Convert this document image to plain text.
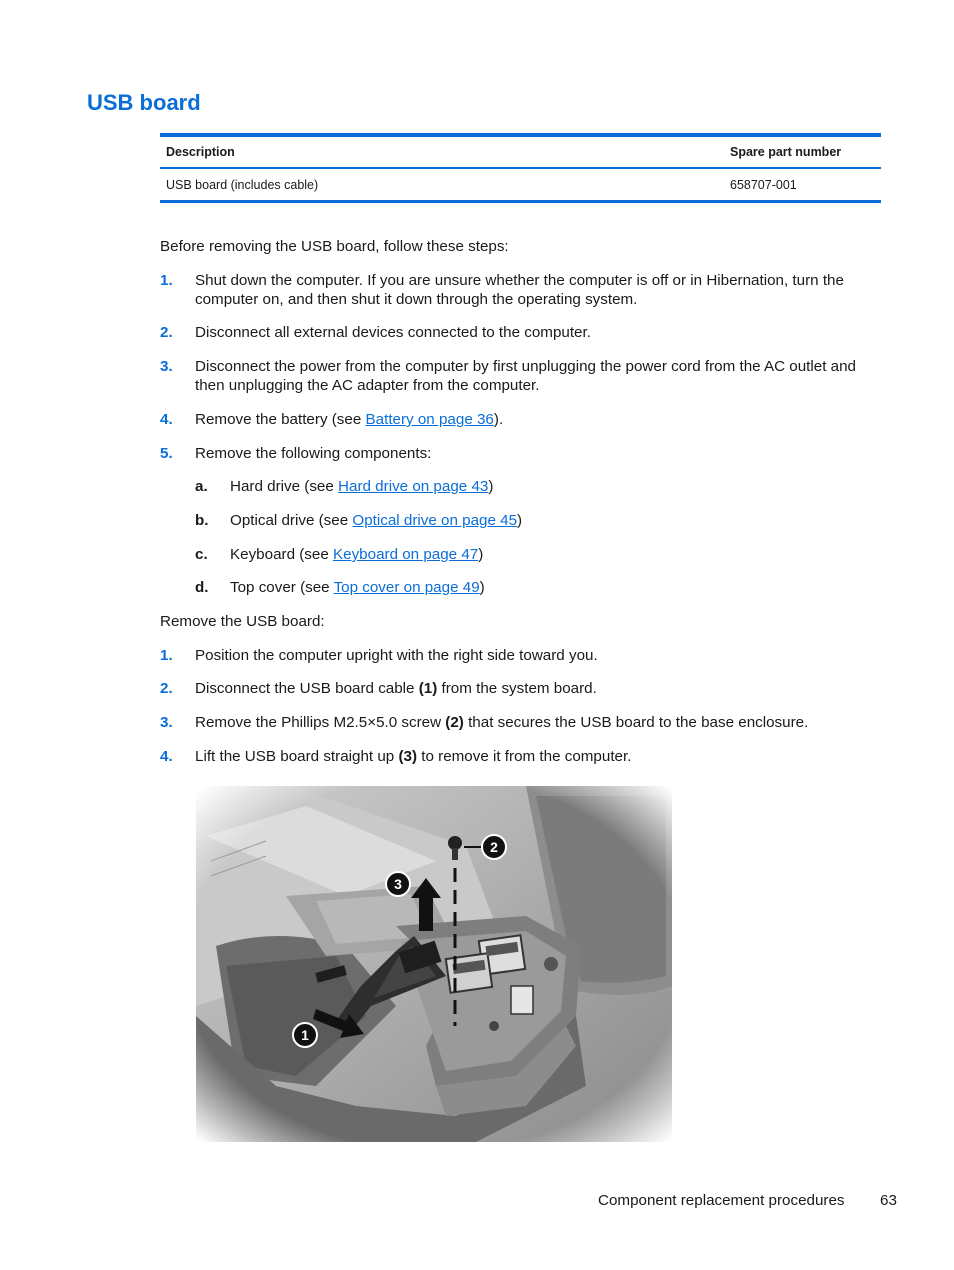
USB board
Description	Spare part number
USB board (includes cable)	658707-001

Before removing the USB board, follow these steps:

1. Shut down the computer. If you are unsure whether the computer is off or in Hibernation, turn the computer on, and then shut it down through the operating system.
2. Disconnect all external devices connected to the computer.
3. Disconnect the power from the computer by first unplugging the power cord from the AC outlet and then unplugging the AC adapter from the computer.
4. Remove the battery (see Battery on page 36).
5. Remove the following components:
a. Hard drive (see Hard drive on page 43)
b. Optical drive (see Optical drive on page 45)
c. Keyboard (see Keyboard on page 47)
d. Top cover (see Top cover on page 49)

Remove the USB board:

1. Position the computer upright with the right side toward you.
2. Disconnect the USB board cable (1) from the system board.
3. Remove the Phillips M2.5×5.0 screw (2) that secures the USB board to the base enclosure.
4. Lift the USB board straight up (3) to remove it from the computer.
1
2
3
Component replacement procedures 63
